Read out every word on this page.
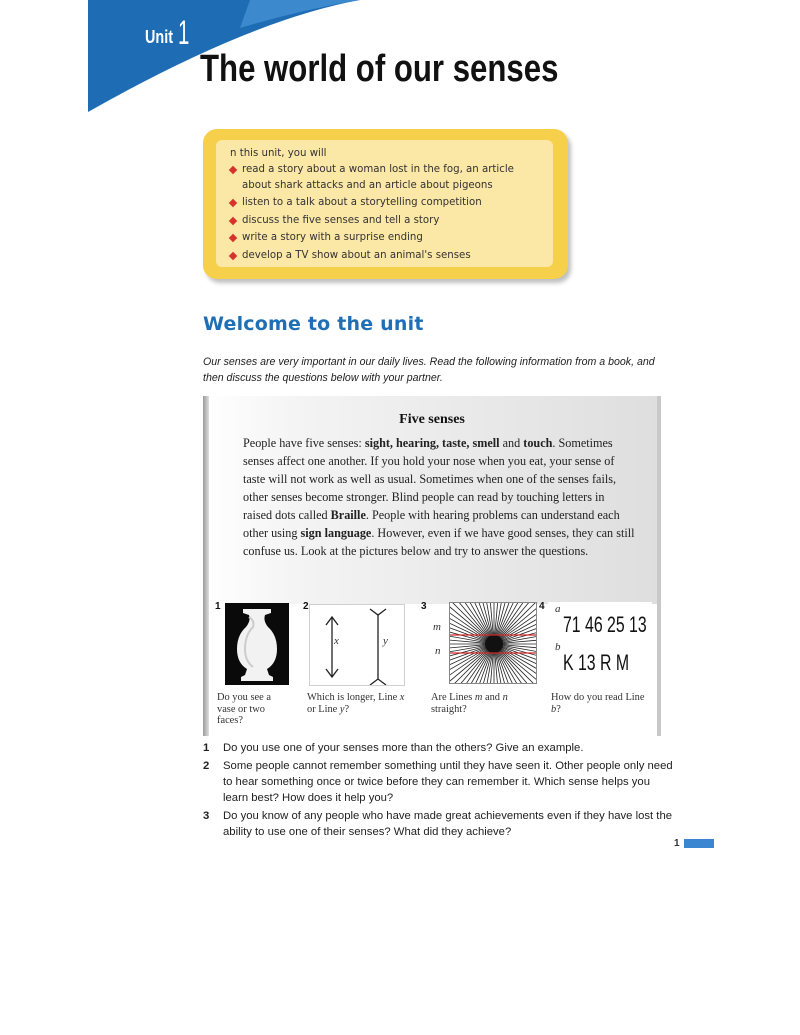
Unit 1
The world of our senses
n this unit, you will
read a story about a woman lost in the fog, an article about shark attacks and an article about pigeons
listen to a talk about a storytelling competition
discuss the five senses and tell a story
write a story with a surprise ending
develop a TV show about an animal's senses
Welcome to the unit

Our senses are very important in our daily lives. Read the following information from a book, and then discuss the questions below with your partner.

Five senses

People have five senses: sight, hearing, taste, smell and touch. Sometimes senses affect one another. If you hold your nose when you eat, your sense of taste will not work as well as usual. Sometimes when one of the senses fails, other senses become stronger. Blind people can read by touching letters in raised dots called Braille. People with hearing problems can understand each other using sign language. However, even if we have good senses, they can still confuse us. Look at the pictures below and try to answer the questions.

1
Do you see a vase or two faces?
2
x	y
Which is longer, Line x or Line y?
3
m
n
Are Lines m and n straight?
4 a
71 46 25 13
b
K 13 R M
How do you read Line b?
1 Do you use one of your senses more than the others? Give an example.
2 Some people cannot remember something until they have seen it. Other people only need to hear something once or twice before they can remember it. Which sense helps you learn best? How does it help you?
3 Do you know of any people who have made great achievements even if they have lost the ability to use one of their senses? What did they achieve?
1
